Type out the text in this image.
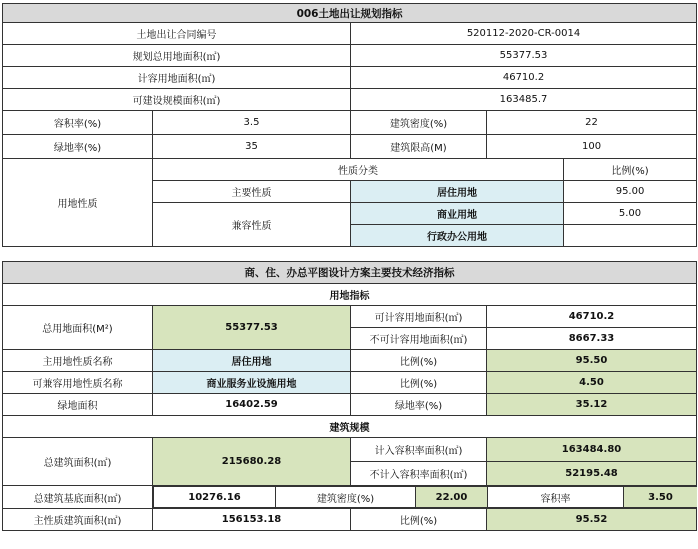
006土地出让规划指标				
土地出让合同编号		520112-2020-CR-0014		
规划总用地面积(㎡)		55377.53		
计容用地面积(㎡)		46710.2		
可建设规模面积(㎡)		163485.7		
容积率(%)	3.5	建筑密度(%)	22	
绿地率(%)	35	建筑限高(M)	100	
用地性质	性质分类			比例(%)
	主要性质	居住用地		95.00
	兼容性质	商业用地		5.00
		行政办公用地		
商、住、办总平图设计方案主要技术经济指标
用地指标
总用地面积(M²)	55377.53	可计容用地面积(㎡)	46710.2
不可计容用地面积(㎡)	8667.33
主用地性质名称	居住用地	比例(%)	95.50
可兼容用地性质名称	商业服务业设施用地	比例(%)	4.50
绿地面积	16402.59	绿地率(%)	35.12
建筑规模
总建筑面积(㎡)	215680.28	计入容积率面积(㎡)	163484.80
不计入容积率面积(㎡)	52195.48
总建筑基底面积(㎡)		10276.16	建筑密度(%)	22.00	容积率	3.50

主性质建筑面积(㎡)	156153.18	比例(%)	95.52
